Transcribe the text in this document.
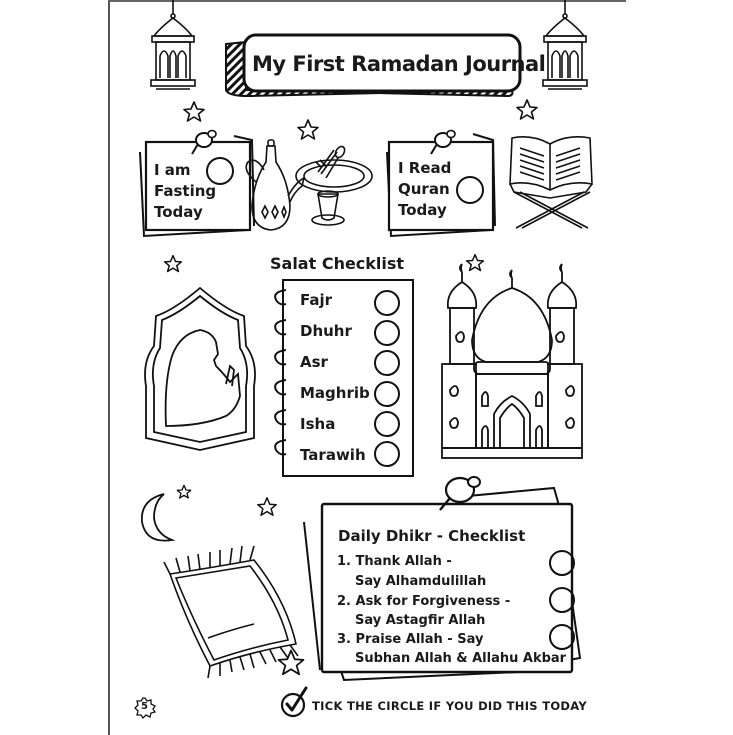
My First Ramadan Journal
I am
Fasting
Today
I Read
Quran
Today
Salat Checklist
Fajr
Dhuhr
Asr
Maghrib
Isha
Tarawih
Daily Dhikr - Checklist
1. Thank Allah -
Say Alhamdulillah
2. Ask for Forgiveness -
Say Astagfir Allah
3. Praise Allah - Say
Subhan Allah & Allahu Akbar
5	TICK THE CIRCLE IF YOU DID THIS TODAY
